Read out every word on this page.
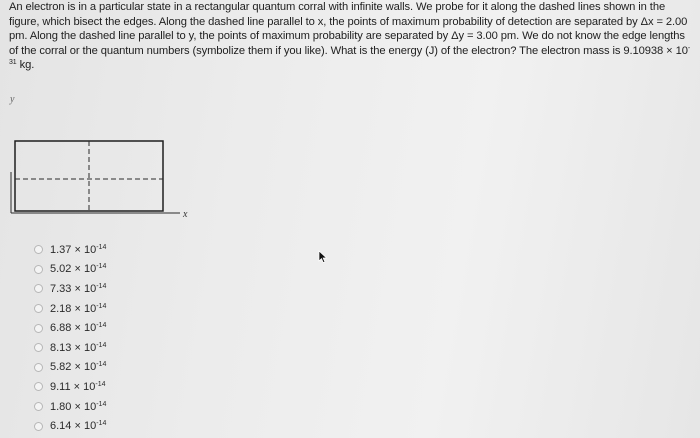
An electron is in a particular state in a rectangular quantum corral with infinite walls. We probe for it along the dashed lines shown in the figure, which bisect the edges. Along the dashed line parallel to x, the points of maximum probability of detection are separated by Δx = 2.00 pm. Along the dashed line parallel to y, the points of maximum probability are separated by Δy = 3.00 pm. We do not know the edge lengths of the corral or the quantum numbers (symbolize them if you like). What is the energy (J) of the electron? The electron mass is $9.10938 \times 10^{-31}$ kg.

y
x
$1.37 \times 10^{-14}$
$5.02 \times 10^{-14}$
$7.33 \times 10^{-14}$
$2.18 \times 10^{-14}$
$6.88 \times 10^{-14}$
$8.13 \times 10^{-14}$
$5.82 \times 10^{-14}$
$9.11 \times 10^{-14}$
$1.80 \times 10^{-14}$
$6.14 \times 10^{-14}$
